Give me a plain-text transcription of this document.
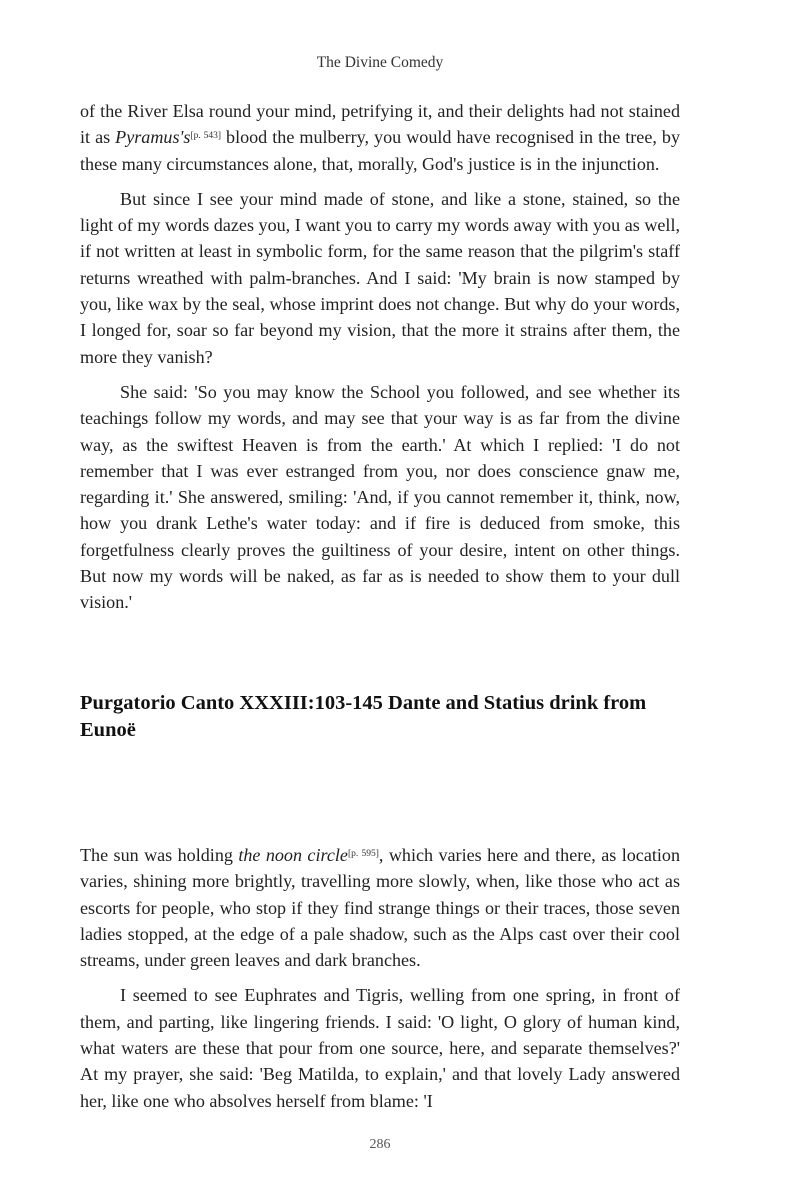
The Divine Comedy

of the River Elsa round your mind, petrifying it, and their delights had not stained it as Pyramus's[p. 543] blood the mulberry, you would have recognised in the tree, by these many circumstances alone, that, morally, God's justice is in the injunction.

But since I see your mind made of stone, and like a stone, stained, so the light of my words dazes you, I want you to carry my words away with you as well, if not written at least in symbolic form, for the same reason that the pilgrim's staff returns wreathed with palm-branches. And I said: 'My brain is now stamped by you, like wax by the seal, whose imprint does not change. But why do your words, I longed for, soar so far beyond my vision, that the more it strains after them, the more they vanish?

She said: 'So you may know the School you followed, and see whether its teachings follow my words, and may see that your way is as far from the divine way, as the swiftest Heaven is from the earth.' At which I replied: 'I do not remember that I was ever estranged from you, nor does conscience gnaw me, regarding it.' She answered, smiling: 'And, if you cannot remember it, think, now, how you drank Lethe's water today: and if fire is deduced from smoke, this forgetfulness clearly proves the guiltiness of your desire, intent on other things. But now my words will be naked, as far as is needed to show them to your dull vision.'

Purgatorio Canto XXXIII:103-145 Dante and Statius drink from Eunoë

The sun was holding the noon circle[p. 595], which varies here and there, as location varies, shining more brightly, travelling more slowly, when, like those who act as escorts for people, who stop if they find strange things or their traces, those seven ladies stopped, at the edge of a pale shadow, such as the Alps cast over their cool streams, under green leaves and dark branches.

I seemed to see Euphrates and Tigris, welling from one spring, in front of them, and parting, like lingering friends. I said: 'O light, O glory of human kind, what waters are these that pour from one source, here, and separate themselves?' At my prayer, she said: 'Beg Matilda, to explain,' and that lovely Lady answered her, like one who absolves herself from blame: 'I

286
